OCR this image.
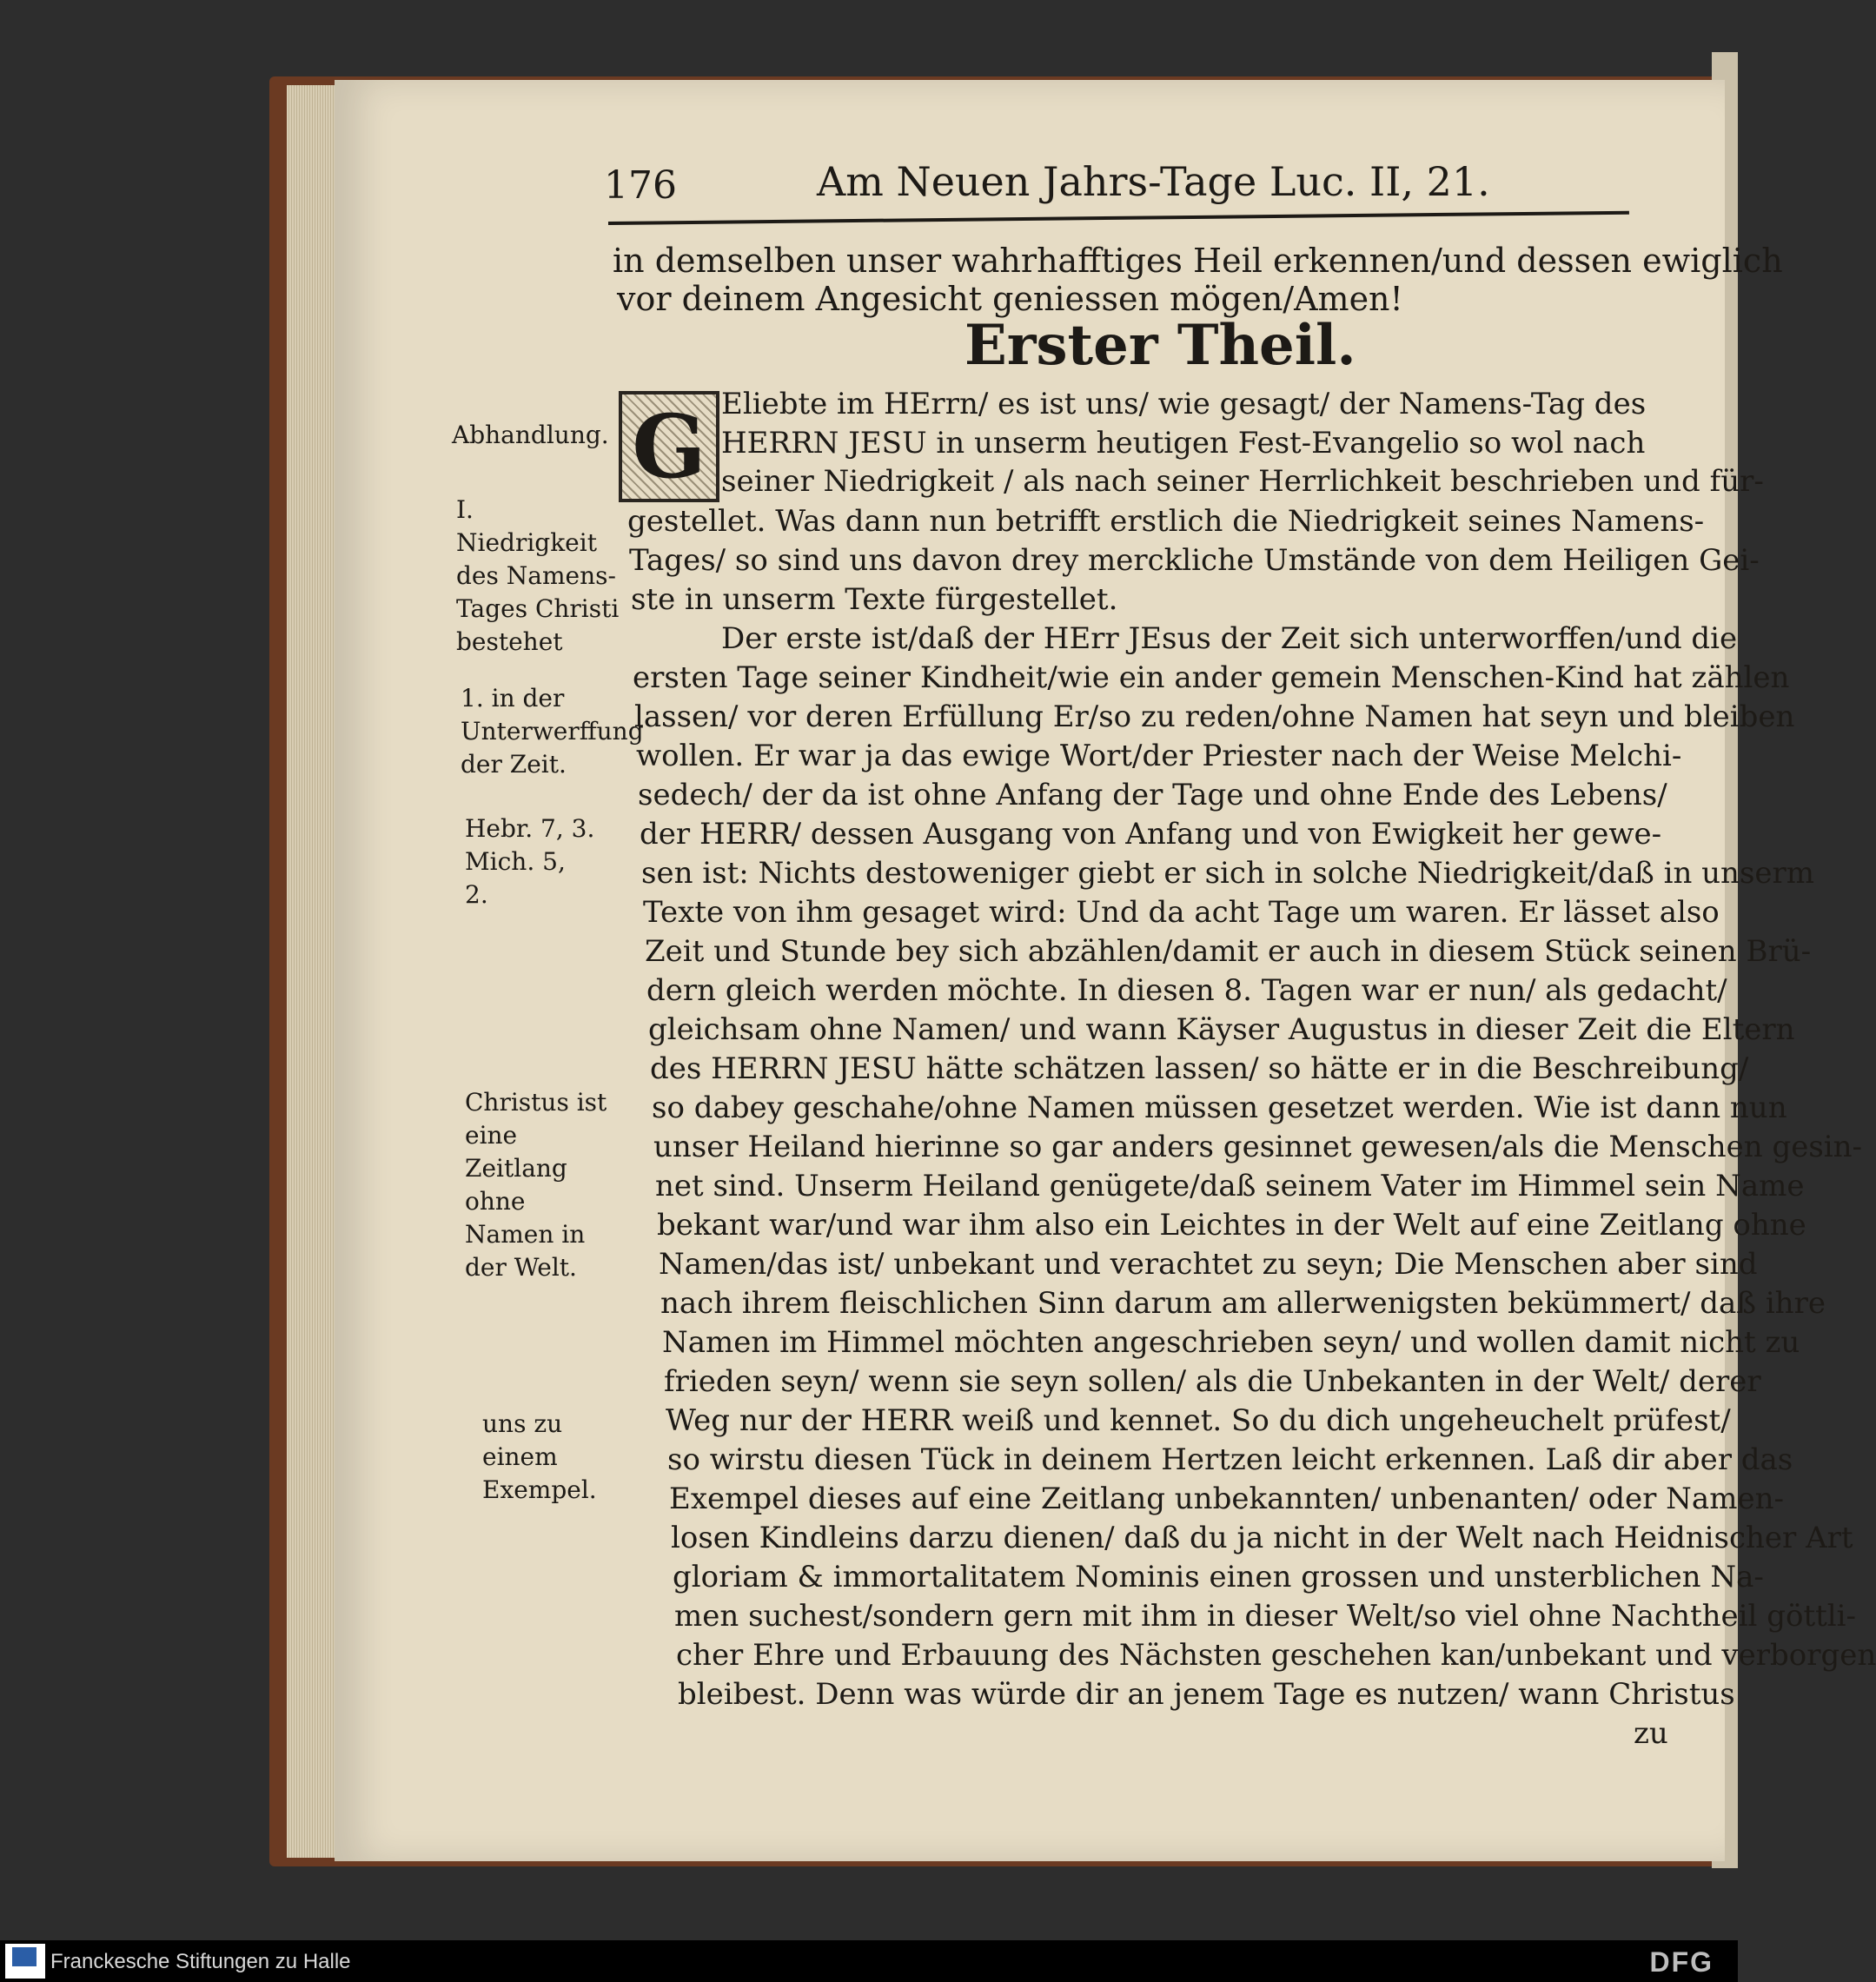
176	Am Neuen Jahrs-Tage Luc. II, 21.
in demselben unser wahrhafftiges Heil erkennen/und dessen ewiglich
vor deinem Angesicht geniessen mögen/Amen!
Erster Theil.
G Eliebte im HErrn/ es ist uns/ wie gesagt/ der Namens-Tag des
HERRN JESU in unserm heutigen Fest-Evangelio so wol nach
seiner Niedrigkeit / als nach seiner Herrlichkeit beschrieben und für-
gestellet. Was dann nun betrifft erstlich die Niedrigkeit seines Namens-
Tages/ so sind uns davon drey merckliche Umstände von dem Heiligen Gei-
ste in unserm Texte fürgestellet.
Der erste ist/daß der HErr JEsus der Zeit sich unterworffen/und die
ersten Tage seiner Kindheit/wie ein ander gemein Menschen-Kind hat zählen
lassen/ vor deren Erfüllung Er/so zu reden/ohne Namen hat seyn und bleiben
wollen. Er war ja das ewige Wort/der Priester nach der Weise Melchi-
sedech/ der da ist ohne Anfang der Tage und ohne Ende des Lebens/
der HERR/ dessen Ausgang von Anfang und von Ewigkeit her gewe-
sen ist: Nichts destoweniger giebt er sich in solche Niedrigkeit/daß in unserm
Texte von ihm gesaget wird: Und da acht Tage um waren. Er lässet also
Zeit und Stunde bey sich abzählen/damit er auch in diesem Stück seinen Brü-
dern gleich werden möchte. In diesen 8. Tagen war er nun/ als gedacht/
gleichsam ohne Namen/ und wann Käyser Augustus in dieser Zeit die Eltern
des HERRN JESU hätte schätzen lassen/ so hätte er in die Beschreibung/
so dabey geschahe/ohne Namen müssen gesetzet werden. Wie ist dann nun
unser Heiland hierinne so gar anders gesinnet gewesen/als die Menschen gesin-
net sind. Unserm Heiland genügete/daß seinem Vater im Himmel sein Name
bekant war/und war ihm also ein Leichtes in der Welt auf eine Zeitlang ohne
Namen/das ist/ unbekant und verachtet zu seyn; Die Menschen aber sind
nach ihrem fleischlichen Sinn darum am allerwenigsten bekümmert/ daß ihre
Namen im Himmel möchten angeschrieben seyn/ und wollen damit nicht zu
frieden seyn/ wenn sie seyn sollen/ als die Unbekanten in der Welt/ derer
Weg nur der HERR weiß und kennet. So du dich ungeheuchelt prüfest/
so wirstu diesen Tück in deinem Hertzen leicht erkennen. Laß dir aber das
Exempel dieses auf eine Zeitlang unbekannten/ unbenanten/ oder Namen-
losen Kindleins darzu dienen/ daß du ja nicht in der Welt nach Heidnischer Art
gloriam & immortalitatem Nominis einen grossen und unsterblichen Na-
men suchest/sondern gern mit ihm in dieser Welt/so viel ohne Nachtheil göttli-
cher Ehre und Erbauung des Nächsten geschehen kan/unbekant und verborgen
bleibest. Denn was würde dir an jenem Tage es nutzen/ wann Christus
zu
Abhandlung.
I. Niedrigkeit des Namens-Tages Christi bestehet
1. in der Unterwerffung der Zeit.
Hebr. 7, 3. Mich. 5, 2.
Christus ist eine Zeitlang ohne Namen in der Welt.
uns zu einem Exempel.
Franckesche Stiftungen zu Halle	DFG
